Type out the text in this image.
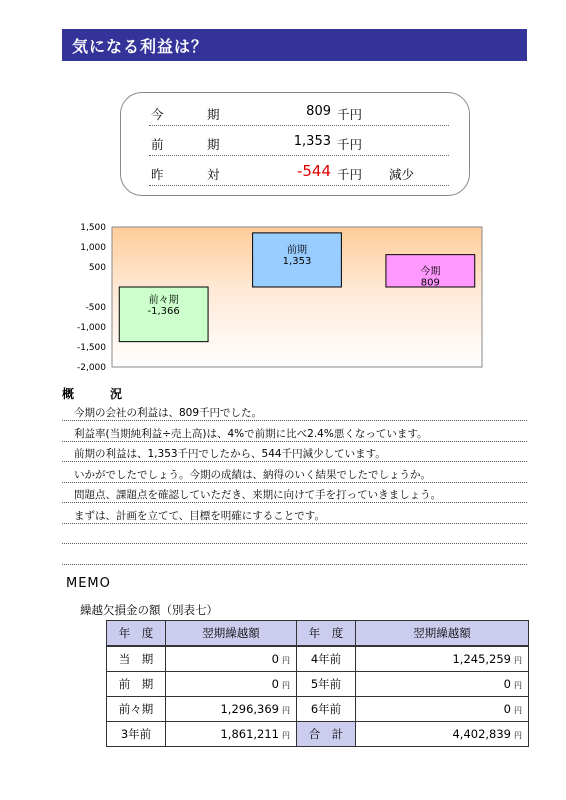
気になる利益は？
今	期	809 千円
前	期	1,353 千円
昨	対	-544 千円 減少
1,500
1,000
500
-500
-1,000
-1,500
-2,000
前々期
-1,366
前期
1,353
今期
809
概　況
今期の会社の利益は、809千円でした。
利益率(当期純利益÷売上高)は、4%で前期に比べ2.4%悪くなっています。
前期の利益は、1,353千円でしたから、544千円減少しています。
いかがでしたでしょう。今期の成績は、納得のいく結果でしたでしょうか。
問題点、課題点を確認していただき、来期に向けて手を打っていきましょう。
まずは、計画を立てて、目標を明確にすることです。
MEMO
繰越欠損金の額（別表七）
年　度	翌期繰越額	年　度	翌期繰越額
当　期	0 円	4年前	1,245,259 円
前　期	0 円	5年前	0 円
前々期	1,296,369 円	6年前	0 円
3年前	1,861,211 円	合　計	4,402,839 円
